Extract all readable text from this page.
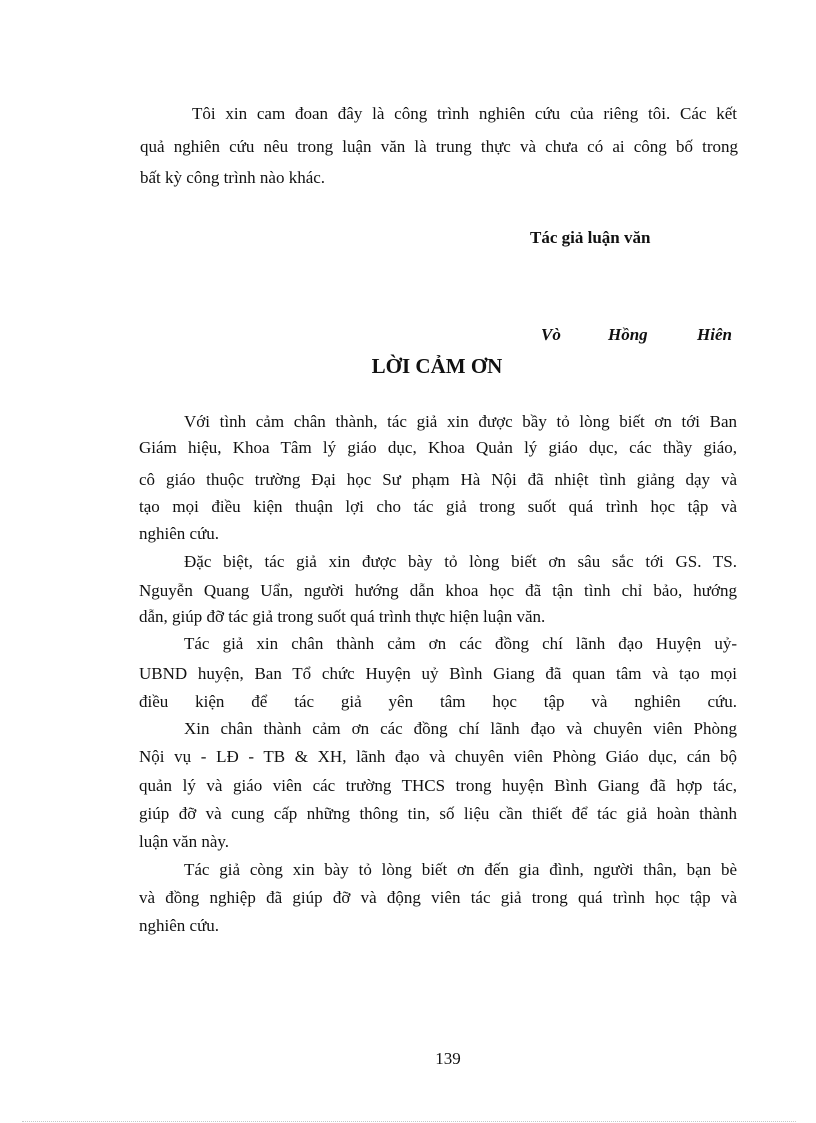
Tôi xin cam đoan đây là công trình nghiên cứu của riêng tôi. Các kết
quả nghiên cứu nêu trong luận văn là trung thực và chưa có ai công bố trong
bất kỳ công trình nào khác.
Tác giả luận văn
Vò	Hồng	Hiên
LỜI CẢM ƠN
Với tình cảm chân thành, tác giả xin được bầy tỏ lòng biết ơn tới Ban
Giám hiệu, Khoa Tâm lý giáo dục, Khoa Quản lý giáo dục, các thầy giáo,
cô giáo thuộc trường Đại học Sư phạm Hà Nội đã nhiệt tình giảng dạy và
tạo mọi điều kiện thuận lợi cho tác giả trong suốt quá trình học tập và
nghiên cứu.
Đặc biệt, tác giả xin được bày tỏ lòng biết ơn sâu sắc tới GS. TS.
Nguyễn Quang Uẩn, người hướng dẫn khoa học đã tận tình chỉ bảo, hướng
dẫn, giúp đỡ tác giả trong suốt quá trình thực hiện luận văn.
Tác giả xin chân thành cảm ơn các đồng chí lãnh đạo Huyện uỷ-
UBND huyện, Ban Tổ chức Huyện uỷ Bình Giang đã quan tâm và tạo mọi
điều kiện để tác giả yên tâm học tập và nghiên cứu.
Xin chân thành cảm ơn các đồng chí lãnh đạo và chuyên viên Phòng
Nội vụ - LĐ - TB & XH, lãnh đạo và chuyên viên Phòng Giáo dục, cán bộ
quản lý và giáo viên các trường THCS trong huyện Bình Giang đã hợp tác,
giúp đỡ và cung cấp những thông tin, số liệu cần thiết để tác giả hoàn thành
luận văn này.
Tác giả còng xin bày tỏ lòng biết ơn đến gia đình, người thân, bạn bè
và đồng nghiệp đã giúp đỡ và động viên tác giả trong quá trình học tập và
nghiên cứu.
139
